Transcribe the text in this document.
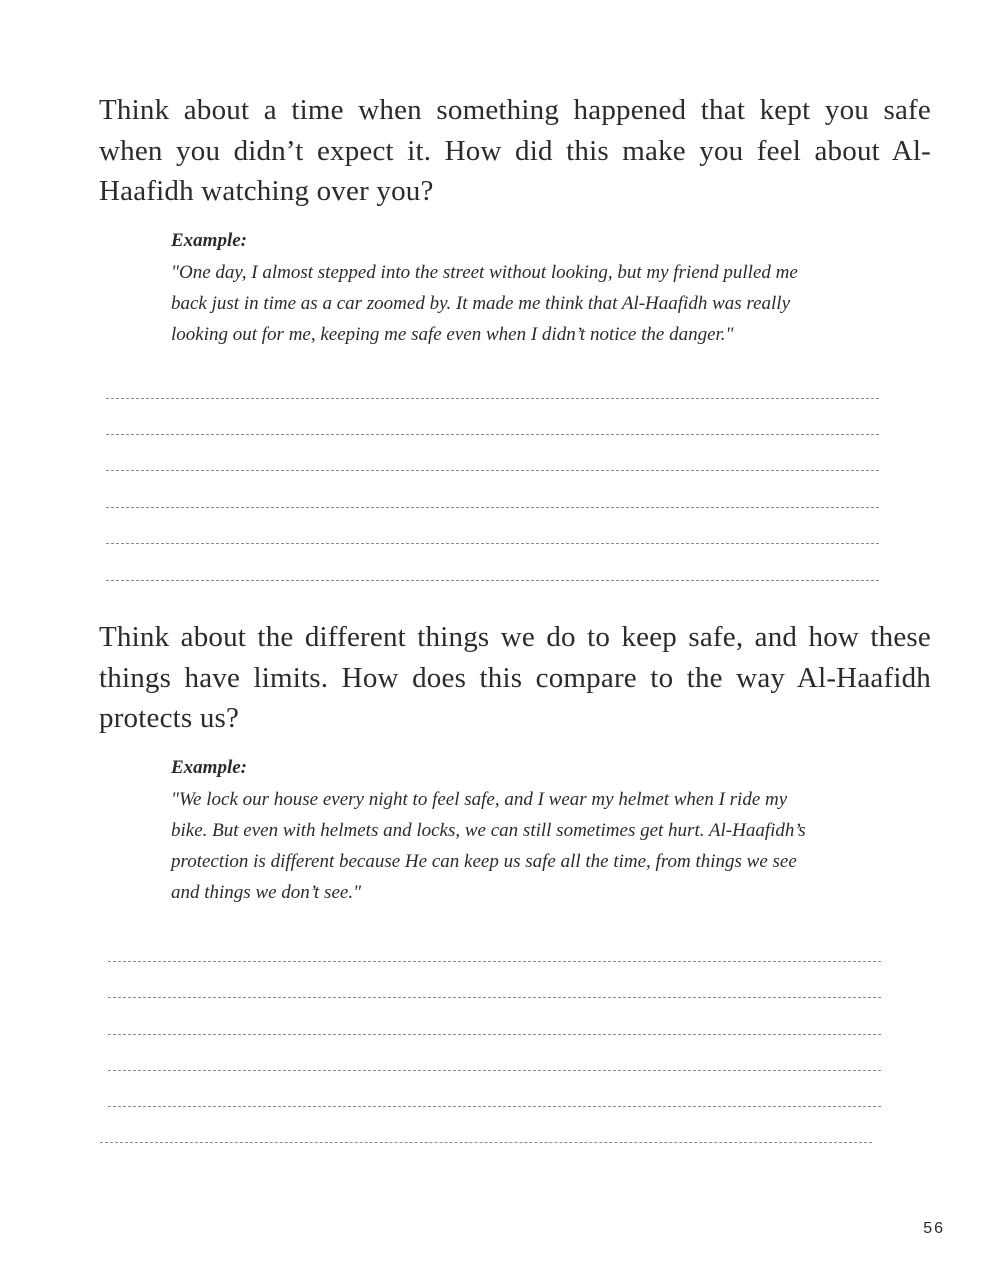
Think about a time when something happened that kept you safe when you didn’t expect it. How did this make you feel about Al-Haafidh watching over you?

Example:
"One day, I almost stepped into the street without looking, but my friend pulled me back just in time as a car zoomed by. It made me think that Al-Haafidh was really looking out for me, keeping me safe even when I didn’t notice the danger."

Think about the different things we do to keep safe, and how these things have limits. How does this compare to the way Al-Haafidh protects us?

Example:
"We lock our house every night to feel safe, and I wear my helmet when I ride my bike. But even with helmets and locks, we can still sometimes get hurt. Al-Haafidh’s protection is different because He can keep us safe all the time, from things we see and things we don’t see."
56
